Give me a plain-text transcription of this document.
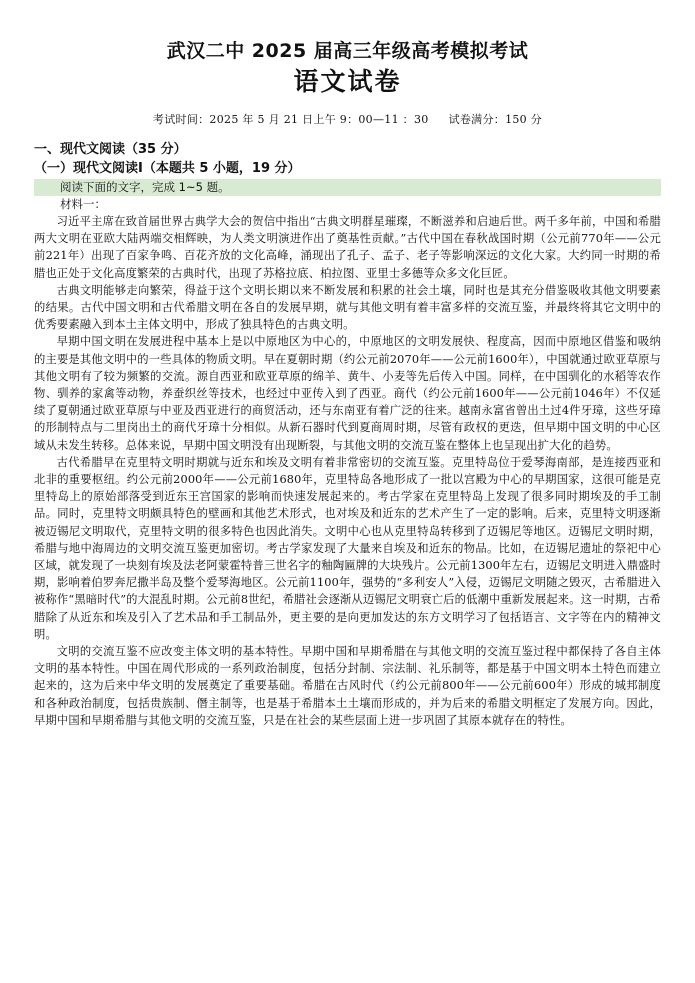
武汉二中 2025 届高三年级高考模拟考试
语文试卷
考试时间：2025 年 5 月 21 日上午 9：00—11 ：30 试卷满分：150 分
一、现代文阅读（35 分）
（一）现代文阅读Ⅰ（本题共 5 小题，19 分）
阅读下面的文字，完成 1~5 题。
材料一：

习近平主席在致首届世界古典学大会的贺信中指出“古典文明群星璀璨，不断滋养和启迪后世。两千多年前，中国和希腊两大文明在亚欧大陆两端交相辉映，为人类文明演进作出了奠基性贡献。”古代中国在春秋战国时期（公元前770年——公元前221年）出现了百家争鸣、百花齐放的文化高峰，涌现出了孔子、孟子、老子等影响深远的文化大家。大约同一时期的希腊也正处于文化高度繁荣的古典时代，出现了苏格拉底、柏拉图、亚里士多德等众多文化巨匠。

古典文明能够走向繁荣，得益于这个文明长期以来不断发展和积累的社会土壤，同时也是其充分借鉴吸收其他文明要素的结果。古代中国文明和古代希腊文明在各自的发展早期，就与其他文明有着丰富多样的交流互鉴，并最终将其它文明中的优秀要素融入到本土主体文明中，形成了独具特色的古典文明。

早期中国文明在发展进程中基本上是以中原地区为中心的，中原地区的文明发展快、程度高，因而中原地区借鉴和吸纳的主要是其他文明中的一些具体的物质文明。早在夏朝时期（约公元前2070年——公元前1600年），中国就通过欧亚草原与其他文明有了较为频繁的交流。源自西亚和欧亚草原的绵羊、黄牛、小麦等先后传入中国。同样，在中国驯化的水稻等农作物、驯养的家禽等动物，养蚕织丝等技术，也经过中亚传入到了西亚。商代（约公元前1600年——公元前1046年）不仅延续了夏朝通过欧亚草原与中亚及西亚进行的商贸活动，还与东南亚有着广泛的往来。越南永富省曾出土过4件牙璋，这些牙璋的形制特点与二里岗出土的商代牙璋十分相似。从新石器时代到夏商周时期，尽管有政权的更迭，但早期中国文明的中心区域从未发生转移。总体来说，早期中国文明没有出现断裂，与其他文明的交流互鉴在整体上也呈现出扩大化的趋势。

古代希腊早在克里特文明时期就与近东和埃及文明有着非常密切的交流互鉴。克里特岛位于爱琴海南部，是连接西亚和北非的重要枢纽。约公元前2000年——公元前1680年，克里特岛各地形成了一批以宫殿为中心的早期国家，这很可能是克里特岛上的原始部落受到近东王宫国家的影响而快速发展起来的。考古学家在克里特岛上发现了很多同时期埃及的手工制品。同时，克里特文明颇具特色的壁画和其他艺术形式，也对埃及和近东的艺术产生了一定的影响。后来，克里特文明逐渐被迈锡尼文明取代，克里特文明的很多特色也因此消失。文明中心也从克里特岛转移到了迈锡尼等地区。迈锡尼文明时期，希腊与地中海周边的文明交流互鉴更加密切。考古学家发现了大量来自埃及和近东的物品。比如，在迈锡尼遗址的祭祀中心区域，就发现了一块刻有埃及法老阿蒙霍特普三世名字的釉陶匾牌的大块残片。公元前1300年左右，迈锡尼文明进入鼎盛时期，影响着伯罗奔尼撒半岛及整个爱琴海地区。公元前1100年，强势的“多利安人”入侵，迈锡尼文明随之毁灭，古希腊进入被称作“黑暗时代”的大混乱时期。公元前8世纪，希腊社会逐渐从迈锡尼文明衰亡后的低潮中重新发展起来。这一时期，古希腊除了从近东和埃及引入了艺术品和手工制品外，更主要的是向更加发达的东方文明学习了包括语言、文字等在内的精神文明。

文明的交流互鉴不应改变主体文明的基本特性。早期中国和早期希腊在与其他文明的交流互鉴过程中都保持了各自主体文明的基本特性。中国在周代形成的一系列政治制度，包括分封制、宗法制、礼乐制等，都是基于中国文明本土特色而建立起来的，这为后来中华文明的发展奠定了重要基础。希腊在古风时代（约公元前800年——公元前600年）形成的城邦制度和各种政治制度，包括贵族制、僭主制等，也是基于希腊本土土壤而形成的，并为后来的希腊文明框定了发展方向。因此，早期中国和早期希腊与其他文明的交流互鉴，只是在社会的某些层面上进一步巩固了其原本就存在的特性。
